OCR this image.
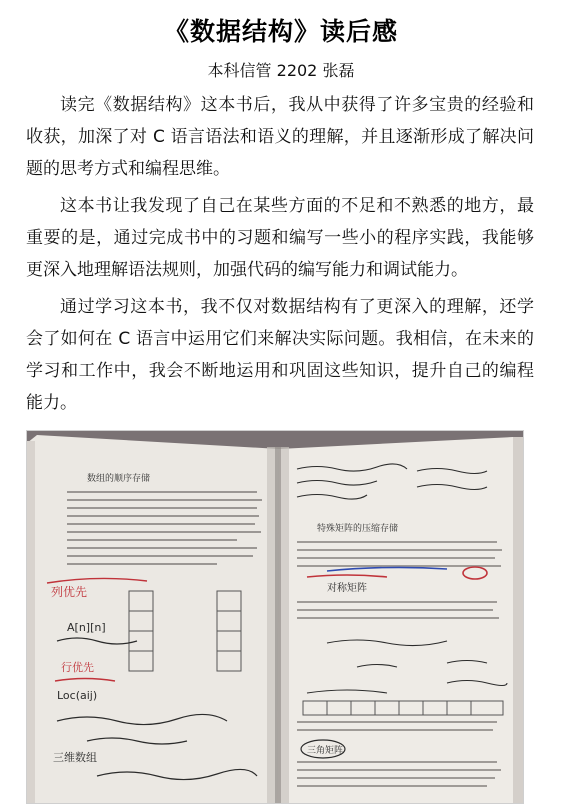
《数据结构》读后感
本科信管 2202 张磊

读完《数据结构》这本书后，我从中获得了许多宝贵的经验和收获，加深了对 C 语言语法和语义的理解，并且逐渐形成了解决问题的思考方式和编程思维。

这本书让我发现了自己在某些方面的不足和不熟悉的地方，最重要的是，通过完成书中的习题和编写一些小的程序实践，我能够更深入地理解语法规则，加强代码的编写能力和调试能力。

通过学习这本书，我不仅对数据结构有了更深入的理解，还学会了如何在 C 语言中运用它们来解决实际问题。我相信，在未来的学习和工作中，我会不断地运用和巩固这些知识，提升自己的编程能力。

数组的顺序存储
列优先
A[n][n]
行优先
Loc(aij)
三维数组
特殊矩阵的压缩存储
对称矩阵
三角矩阵
